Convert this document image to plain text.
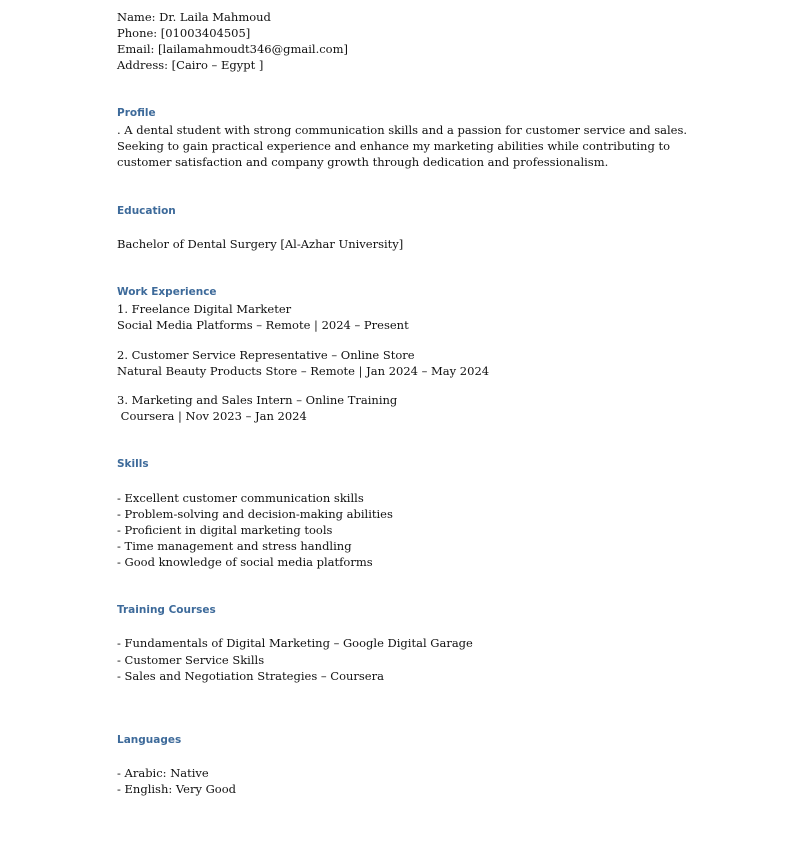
Name: Dr. Laila Mahmoud
Phone: [01003404505]
Email: [lailamahmoudt346@gmail.com]
Address: [Cairo – Egypt ]
Profile
. A dental student with strong communication skills and a passion for customer service and sales. Seeking to gain practical experience and enhance my marketing abilities while contributing to customer satisfaction and company growth through dedication and professionalism.
Education
Bachelor of Dental Surgery [Al-Azhar University]
Work Experience
1. Freelance Digital Marketer
Social Media Platforms – Remote | 2024 – Present
2. Customer Service Representative – Online Store
Natural Beauty Products Store – Remote | Jan 2024 – May 2024
3. Marketing and Sales Intern – Online Training
Coursera | Nov 2023 – Jan 2024
Skills
- Excellent customer communication skills
- Problem-solving and decision-making abilities
- Proficient in digital marketing tools
- Time management and stress handling
- Good knowledge of social media platforms
Training Courses
- Fundamentals of Digital Marketing – Google Digital Garage
- Customer Service Skills
- Sales and Negotiation Strategies – Coursera
Languages
- Arabic: Native
- English: Very Good
